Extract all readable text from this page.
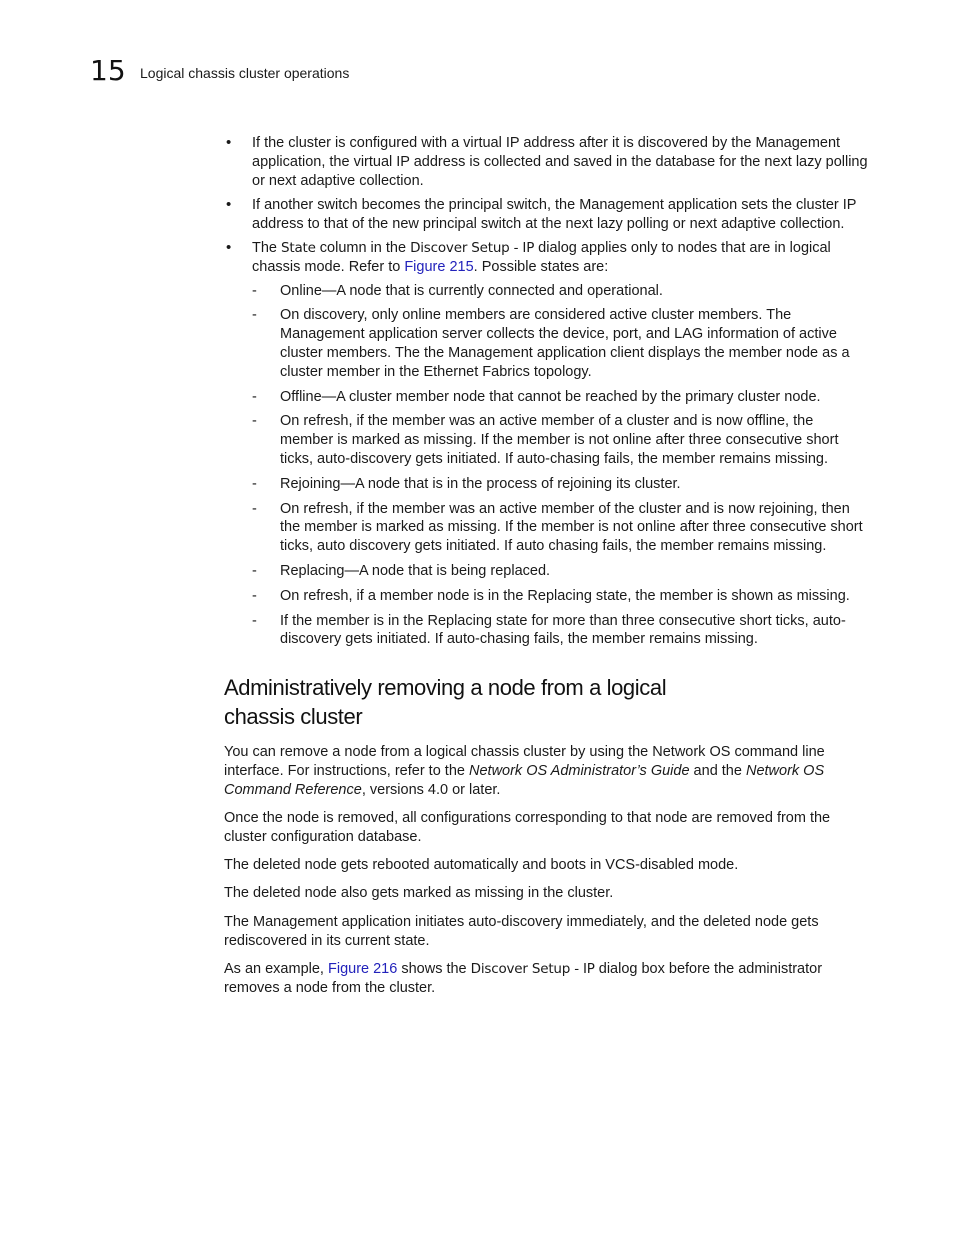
15 Logical chassis cluster operations
• If the cluster is configured with a virtual IP address after it is discovered by the Management application, the virtual IP address is collected and saved in the database for the next lazy polling or next adaptive collection.
• If another switch becomes the principal switch, the Management application sets the cluster IP address to that of the new principal switch at the next lazy polling or next adaptive collection.
• The State column in the Discover Setup - IP dialog applies only to nodes that are in logical chassis mode. Refer to Figure 215. Possible states are:
- Online—A node that is currently connected and operational.
- On discovery, only online members are considered active cluster members. The Management application server collects the device, port, and LAG information of active cluster members. The the Management application client displays the member node as a cluster member in the Ethernet Fabrics topology.
- Offline—A cluster member node that cannot be reached by the primary cluster node.
- On refresh, if the member was an active member of a cluster and is now offline, the member is marked as missing. If the member is not online after three consecutive short ticks, auto-discovery gets initiated. If auto-chasing fails, the member remains missing.
- Rejoining—A node that is in the process of rejoining its cluster.
- On refresh, if the member was an active member of the cluster and is now rejoining, then the member is marked as missing. If the member is not online after three consecutive short ticks, auto discovery gets initiated. If auto chasing fails, the member remains missing.
- Replacing—A node that is being replaced.
- On refresh, if a member node is in the Replacing state, the member is shown as missing.
- If the member is in the Replacing state for more than three consecutive short ticks, auto-discovery gets initiated. If auto-chasing fails, the member remains missing.
Administratively removing a node from a logical chassis cluster

You can remove a node from a logical chassis cluster by using the Network OS command line interface. For instructions, refer to the Network OS Administrator’s Guide and the Network OS Command Reference, versions 4.0 or later.

Once the node is removed, all configurations corresponding to that node are removed from the cluster configuration database.

The deleted node gets rebooted automatically and boots in VCS-disabled mode.

The deleted node also gets marked as missing in the cluster.

The Management application initiates auto-discovery immediately, and the deleted node gets rediscovered in its current state.

As an example, Figure 216 shows the Discover Setup - IP dialog box before the administrator removes a node from the cluster.
